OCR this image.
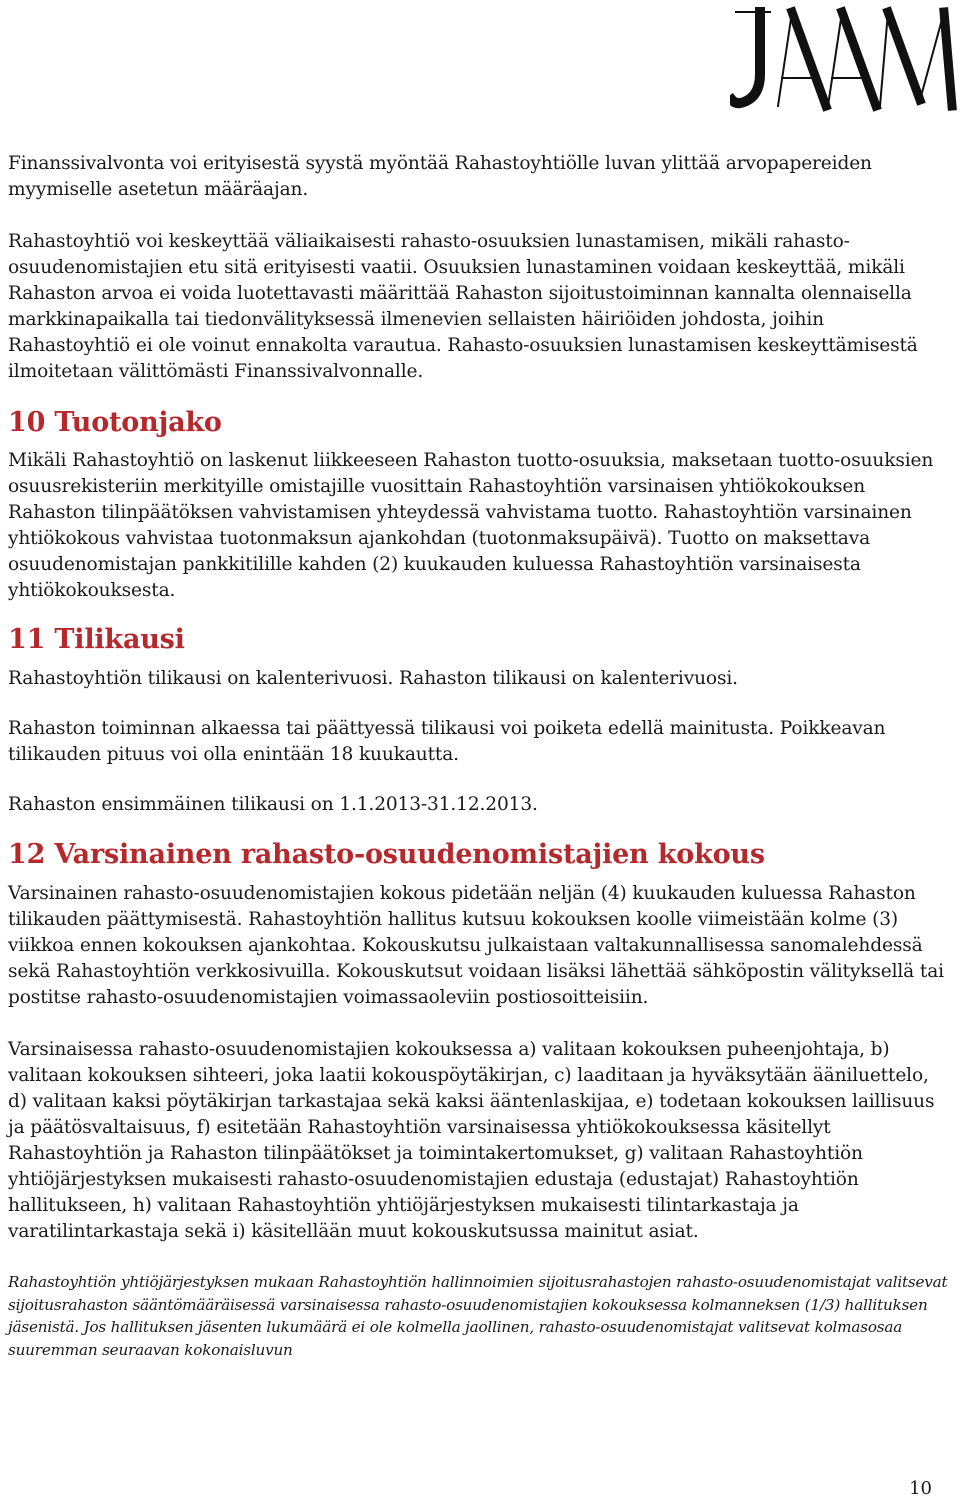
Finanssivalvonta voi erityisestä syystä myöntää Rahastoyhtiölle luvan ylittää arvopapereiden myymiselle asetetun määräajan.

Rahastoyhtiö voi keskeyttää väliaikaisesti rahasto-osuuksien lunastamisen, mikäli rahasto-osuudenomistajien etu sitä erityisesti vaatii. Osuuksien lunastaminen voidaan keskeyttää, mikäli Rahaston arvoa ei voida luotettavasti määrittää Rahaston sijoitustoiminnan kannalta olennaisella markkinapaikalla tai tiedonvälityksessä ilmenevien sellaisten häiriöiden johdosta, joihin Rahastoyhtiö ei ole voinut ennakolta varautua. Rahasto-osuuksien lunastamisen keskeyttämisestä ilmoitetaan välittömästi Finanssivalvonnalle.

10 Tuotonjako

Mikäli Rahastoyhtiö on laskenut liikkeeseen Rahaston tuotto-osuuksia, maksetaan tuotto-osuuksien osuusrekisteriin merkityille omistajille vuosittain Rahastoyhtiön varsinaisen yhtiökokouksen Rahaston tilinpäätöksen vahvistamisen yhteydessä vahvistama tuotto. Rahastoyhtiön varsinainen yhtiökokous vahvistaa tuotonmaksun ajankohdan (tuotonmaksupäivä). Tuotto on maksettava osuudenomistajan pankkitilille kahden (2) kuukauden kuluessa Rahastoyhtiön varsinaisesta yhtiökokouksesta.

11 Tilikausi

Rahastoyhtiön tilikausi on kalenterivuosi. Rahaston tilikausi on kalenterivuosi.

Rahaston toiminnan alkaessa tai päättyessä tilikausi voi poiketa edellä mainitusta. Poikkeavan tilikauden pituus voi olla enintään 18 kuukautta.

Rahaston ensimmäinen tilikausi on 1.1.2013-31.12.2013.

12 Varsinainen rahasto-osuudenomistajien kokous

Varsinainen rahasto-osuudenomistajien kokous pidetään neljän (4) kuukauden kuluessa Rahaston tilikauden päättymisestä. Rahastoyhtiön hallitus kutsuu kokouksen koolle viimeistään kolme (3) viikkoa ennen kokouksen ajankohtaa. Kokouskutsu julkaistaan valtakunnallisessa sanomalehdessä sekä Rahastoyhtiön verkkosivuilla. Kokouskutsut voidaan lisäksi lähettää sähköpostin välityksellä tai postitse rahasto-osuudenomistajien voimassaoleviin postiosoitteisiin.

Varsinaisessa rahasto-osuudenomistajien kokouksessa a) valitaan kokouksen puheenjohtaja, b) valitaan kokouksen sihteeri, joka laatii kokouspöytäkirjan, c) laaditaan ja hyväksytään ääniluettelo, d) valitaan kaksi pöytäkirjan tarkastajaa sekä kaksi ääntenlaskijaa, e) todetaan kokouksen laillisuus ja päätösvaltaisuus, f) esitetään Rahastoyhtiön varsinaisessa yhtiökokouksessa käsitellyt Rahastoyhtiön ja Rahaston tilinpäätökset ja toimintakertomukset, g) valitaan Rahastoyhtiön yhtiöjärjestyksen mukaisesti rahasto-osuudenomistajien edustaja (edustajat) Rahastoyhtiön hallitukseen, h) valitaan Rahastoyhtiön yhtiöjärjestyksen mukaisesti tilintarkastaja ja varatilintarkastaja sekä i) käsitellään muut kokouskutsussa mainitut asiat.

Rahastoyhtiön yhtiöjärjestyksen mukaan Rahastoyhtiön hallinnoimien sijoitusrahastojen rahasto-osuudenomistajat valitsevat sijoitusrahaston sääntömääräisessä varsinaisessa rahasto-osuudenomistajien kokouksessa kolmanneksen (1/3) hallituksen jäsenistä. Jos hallituksen jäsenten lukumäärä ei ole kolmella jaollinen, rahasto-osuudenomistajat valitsevat kolmasosaa suuremman seuraavan kokonaisluvun

10
